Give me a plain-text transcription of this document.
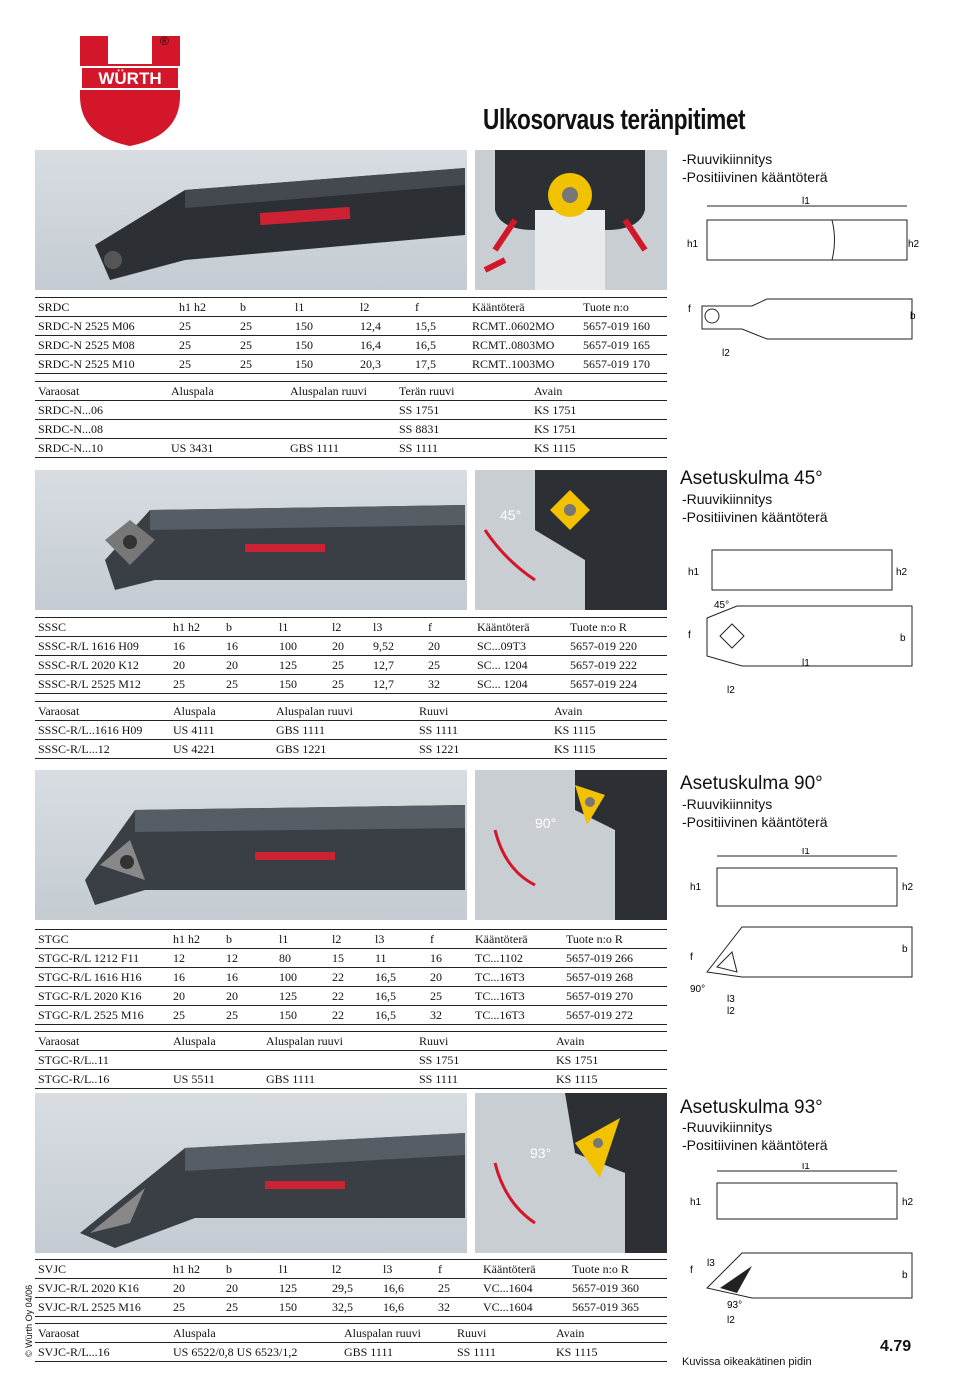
WÜRTH
®
Ulkosorvaus teränpitimet
-Ruuvikiinnitys
-Positiivinen kääntöterä
l1
h1	h2
f
b
l2
SRDC	h1 h2	b	l1	l2	f	Kääntöterä	Tuote n:o
SRDC-N 2525 M06	25	25	150	12,4	15,5	RCMT..0602MO	5657-019 160
SRDC-N 2525 M08	25	25	150	16,4	16,5	RCMT..0803MO	5657-019 165
SRDC-N 2525 M10	25	25	150	20,3	17,5	RCMT..1003MO	5657-019 170
Varaosat	Aluspala	Aluspalan ruuvi	Terän ruuvi	Avain
SRDC-N...06			SS 1751	KS 1751
SRDC-N...08			SS 8831	KS 1751
SRDC-N...10	US 3431	GBS 1111	SS 1111	KS 1115
45°
Asetuskulma 45°
-Ruuvikiinnitys
-Positiivinen kääntöterä
h1	h2
45°
f	b
l1
l2
SSSC	h1 h2	b	l1	l2	l3	f	Kääntöterä	Tuote n:o R
SSSC-R/L 1616 H09	16	16	100	20	9,52	20	SC...09T3	5657-019 220
SSSC-R/L 2020 K12	20	20	125	25	12,7	25	SC... 1204	5657-019 222
SSSC-R/L 2525 M12	25	25	150	25	12,7	32	SC... 1204	5657-019 224
Varaosat	Aluspala	Aluspalan ruuvi	Ruuvi	Avain
SSSC-R/L..1616 H09	US 4111	GBS 1111	SS 1111	KS 1115
SSSC-R/L...12	US 4221	GBS 1221	SS 1221	KS 1115
90°
Asetuskulma 90°
-Ruuvikiinnitys
-Positiivinen kääntöterä
l1
h1	h2
f
b
90°
l3
l2
STGC	h1 h2	b	l1	l2	l3	f	Kääntöterä	Tuote n:o R
STGC-R/L 1212 F11	12	12	80	15	11	16	TC...1102	5657-019 266
STGC-R/L 1616 H16	16	16	100	22	16,5	20	TC...16T3	5657-019 268
STGC-R/L 2020 K16	20	20	125	22	16,5	25	TC...16T3	5657-019 270
STGC-R/L 2525 M16	25	25	150	22	16,5	32	TC...16T3	5657-019 272
Varaosat	Aluspala	Aluspalan ruuvi	Ruuvi	Avain
STGC-R/L..11			SS 1751	KS 1751
STGC-R/L..16	US 5511	GBS 1111	SS 1111	KS 1115
93°
Asetuskulma 93°
-Ruuvikiinnitys
-Positiivinen kääntöterä
l1
h1	h2
f	b
l3
93°
l2
SVJC	h1 h2	b	l1	l2	l3	f	Kääntöterä	Tuote n:o R
SVJC-R/L 2020 K16	20	20	125	29,5	16,6	25	VC...1604	5657-019 360
SVJC-R/L 2525 M16	25	25	150	32,5	16,6	32	VC...1604	5657-019 365
Varaosat	Aluspala	Aluspalan ruuvi	Ruuvi	Avain
SVJC-R/L...16	US 6522/0,8 US 6523/1,2	GBS 1111	SS 1111	KS 1115
© Würth Oy 04/06
Kuvissa oikeakätinen pidin
4.79
